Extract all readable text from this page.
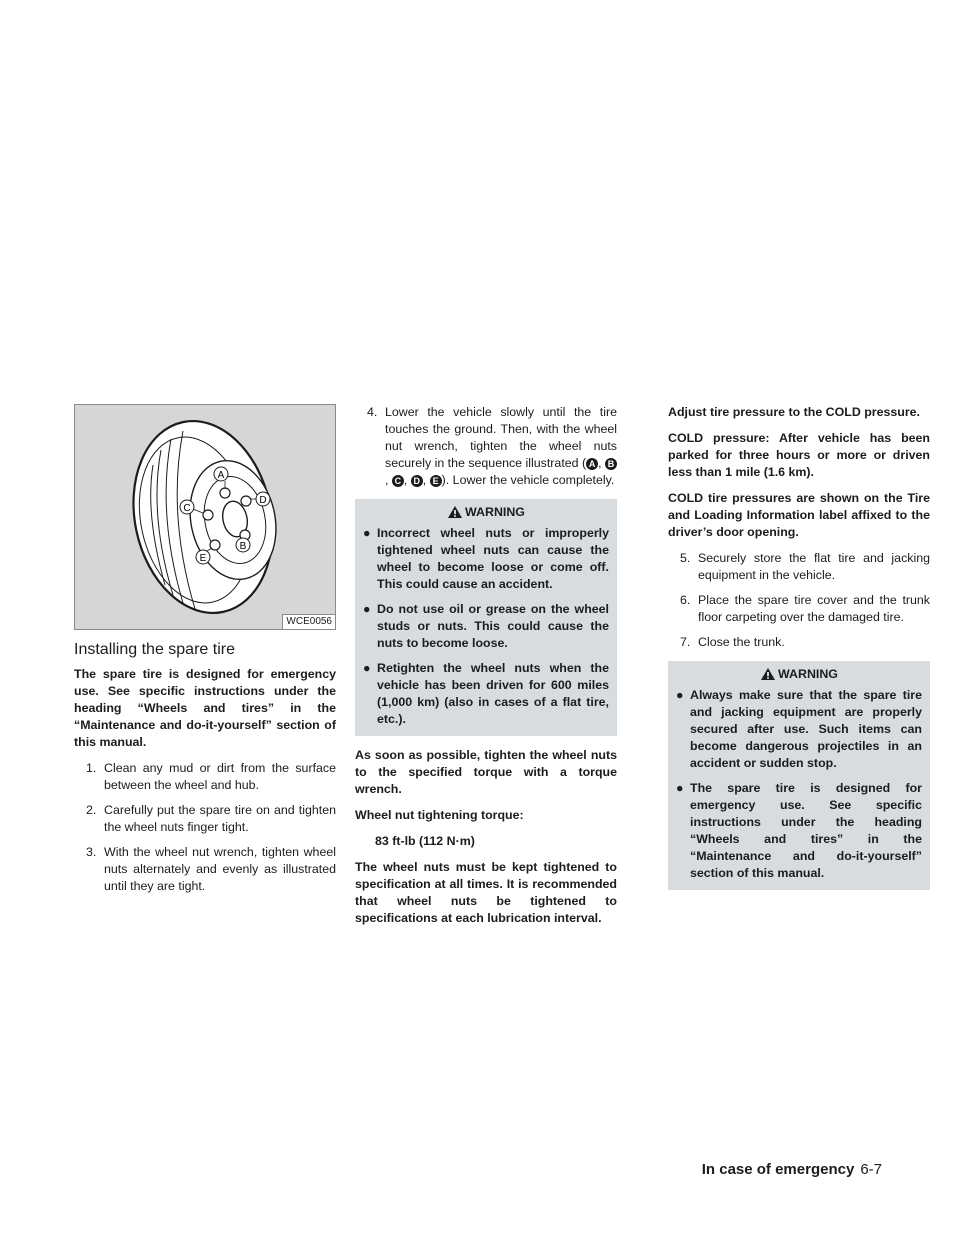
A
D
C
B
E
WCE0056
Installing the spare tire

The spare tire is designed for emergency use. See specific instructions under the heading “Wheels and tires” in the “Maintenance and do-it-yourself” section of this manual.

1. Clean any mud or dirt from the surface between the wheel and hub.
2. Carefully put the spare tire on and tighten the wheel nuts finger tight.
3. With the wheel nut wrench, tighten wheel nuts alternately and evenly as illustrated until they are tight.
4. Lower the vehicle slowly until the tire touches the ground. Then, with the wheel nut wrench, tighten the wheel nuts securely in the sequence illustrated ( A , B, C , D , E ). Lower the vehicle completely.
WARNING
● Incorrect wheel nuts or improperly tightened wheel nuts can cause the wheel to become loose or come off. This could cause an accident.
● Do not use oil or grease on the wheel studs or nuts. This could cause the nuts to become loose.
● Retighten the wheel nuts when the vehicle has been driven for 600 miles (1,000 km) (also in cases of a flat tire, etc.).

As soon as possible, tighten the wheel nuts to the specified torque with a torque wrench.

Wheel nut tightening torque:

83 ft-lb (112 N·m)

The wheel nuts must be kept tightened to specification at all times. It is recommended that wheel nuts be tightened to specifications at each lubrication interval.

Adjust tire pressure to the COLD pressure.

COLD pressure: After vehicle has been parked for three hours or more or driven less than 1 mile (1.6 km).

COLD tire pressures are shown on the Tire and Loading Information label affixed to the driver’s door opening.

5. Securely store the flat tire and jacking equipment in the vehicle.
6. Place the spare tire cover and the trunk floor carpeting over the damaged tire.
7. Close the trunk.
WARNING
● Always make sure that the spare tire and jacking equipment are properly secured after use. Such items can become dangerous projectiles in an accident or sudden stop.
● The spare tire is designed for emergency use. See specific instructions under the heading “Wheels and tires” in the “Maintenance and do-it-yourself” section of this manual.
In case of emergency 6-7
